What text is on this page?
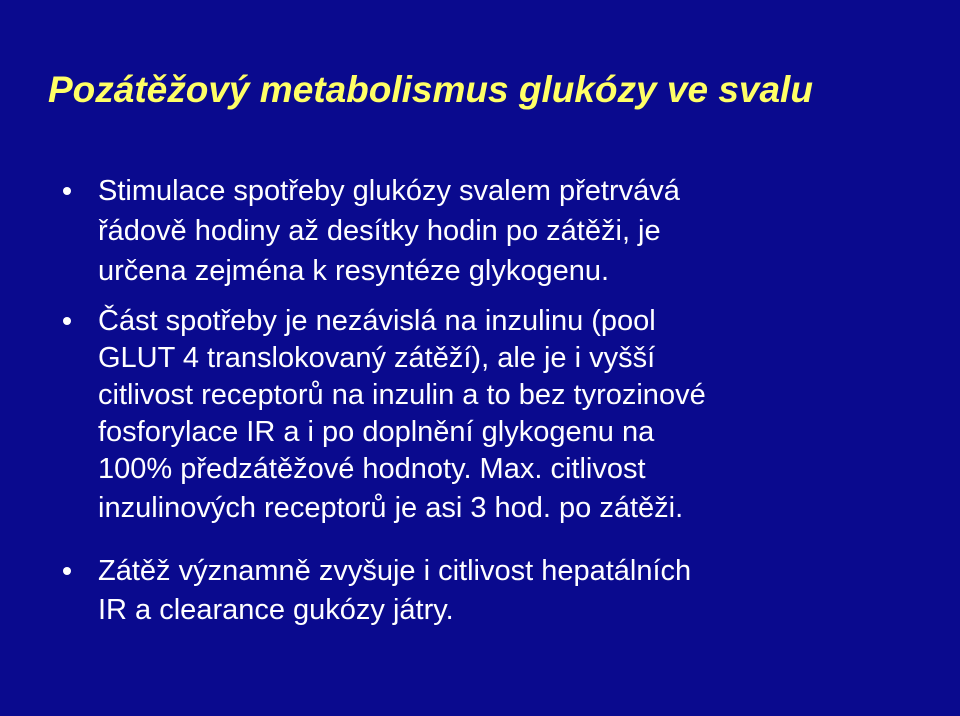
Pozátěžový metabolismus glukózy ve svalu
Stimulace spotřeby glukózy svalem přetrvává
řádově hodiny až desítky hodin po zátěži, je
určena zejména k resyntéze glykogenu.
Část spotřeby je nezávislá na inzulinu (pool
GLUT 4 translokovaný zátěží), ale je i vyšší
citlivost receptorů na inzulin a to bez tyrozinové
fosforylace IR a i po doplnění glykogenu na
100% předzátěžové hodnoty. Max. citlivost
inzulinových receptorů je asi 3 hod. po zátěži.
Zátěž významně zvyšuje i citlivost hepatálních
IR a clearance gukózy játry.
